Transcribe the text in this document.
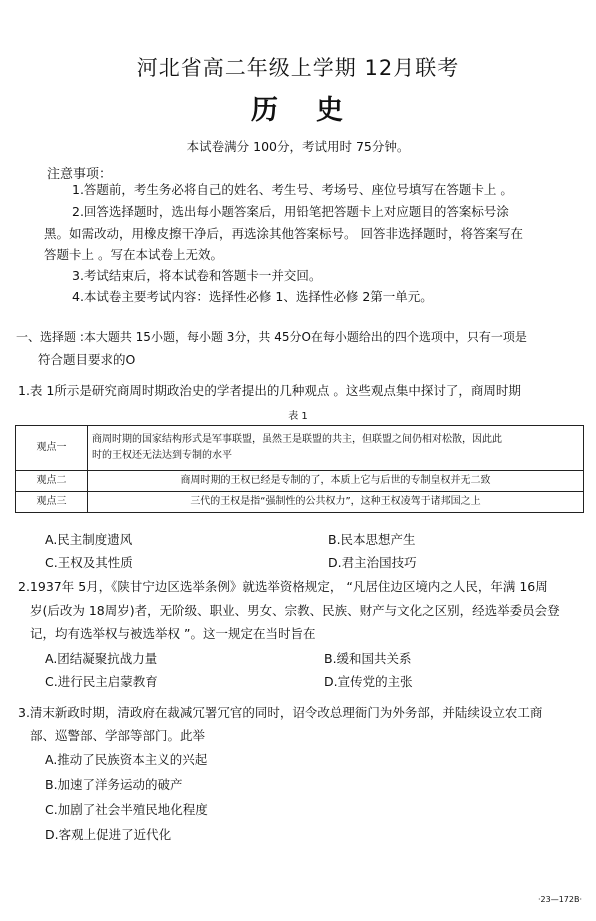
河北省高二年级上学期 12月联考
历 史
本试卷满分 100分，考试用时 75分钟。
注意事项：
1.答题前，考生务必将自己的姓名、考生号、考场号、座位号填写在答题卡上 。
2.回答选择题时，选出每小题答案后，用铅笔把答题卡上对应题目的答案标号涂
黑。如需改动，用橡皮擦干净后，再选涂其他答案标号。 回答非选择题时，将答案写在
答题卡上 。写在本试卷上无效。
3.考试结束后，将本试卷和答题卡一并交回。
4.本试卷主要考试内容：选择性必修 1、选择性必修 2第一单元。
一、选择题 :本大题共 15小题，每小题 3分，共 45分O在每小题给出的四个选项中，只有一项是
符合题目要求的O
1.表 1所示是研究商周时期政治史的学者提出的几种观点 。这些观点集中探讨了，商周时期
表 1
观点一	商周时期的国家结构形式是军事联盟，虽然王是联盟的共主，但联盟之间仍相对松散，因此此
时的王权还无法达到专制的水平

观点二	商周时期的王权已经是专制的了，本质上它与后世的专制皇权并无二致
观点三	三代的王权是指“强制性的公共权力”，这种王权凌驾于诸邦国之上
A.民主制度遗风	B.民本思想产生
C.王权及其性质	D.君主治国技巧
2.1937年 5月，《陕甘宁边区选举条例》就选举资格规定， “凡居住边区境内之人民，年满 16周
岁(后改为 18周岁)者，无阶级、职业、男女、宗教、民族、财产与文化之区别，经选举委员会登
记，均有选举权与被选举权 ”。这一规定在当时旨在
A.团结凝聚抗战力量	B.缓和国共关系
C.进行民主启蒙教育	D.宣传党的主张
3.清末新政时期，清政府在裁减冗署冗官的同时，诏令改总理衙门为外务部，并陆续设立农工商
部、巡警部、学部等部门。此举
A.推动了民族资本主义的兴起
B.加速了洋务运动的破产
C.加剧了社会半殖民地化程度
D.客观上促进了近代化
·23—172B·
